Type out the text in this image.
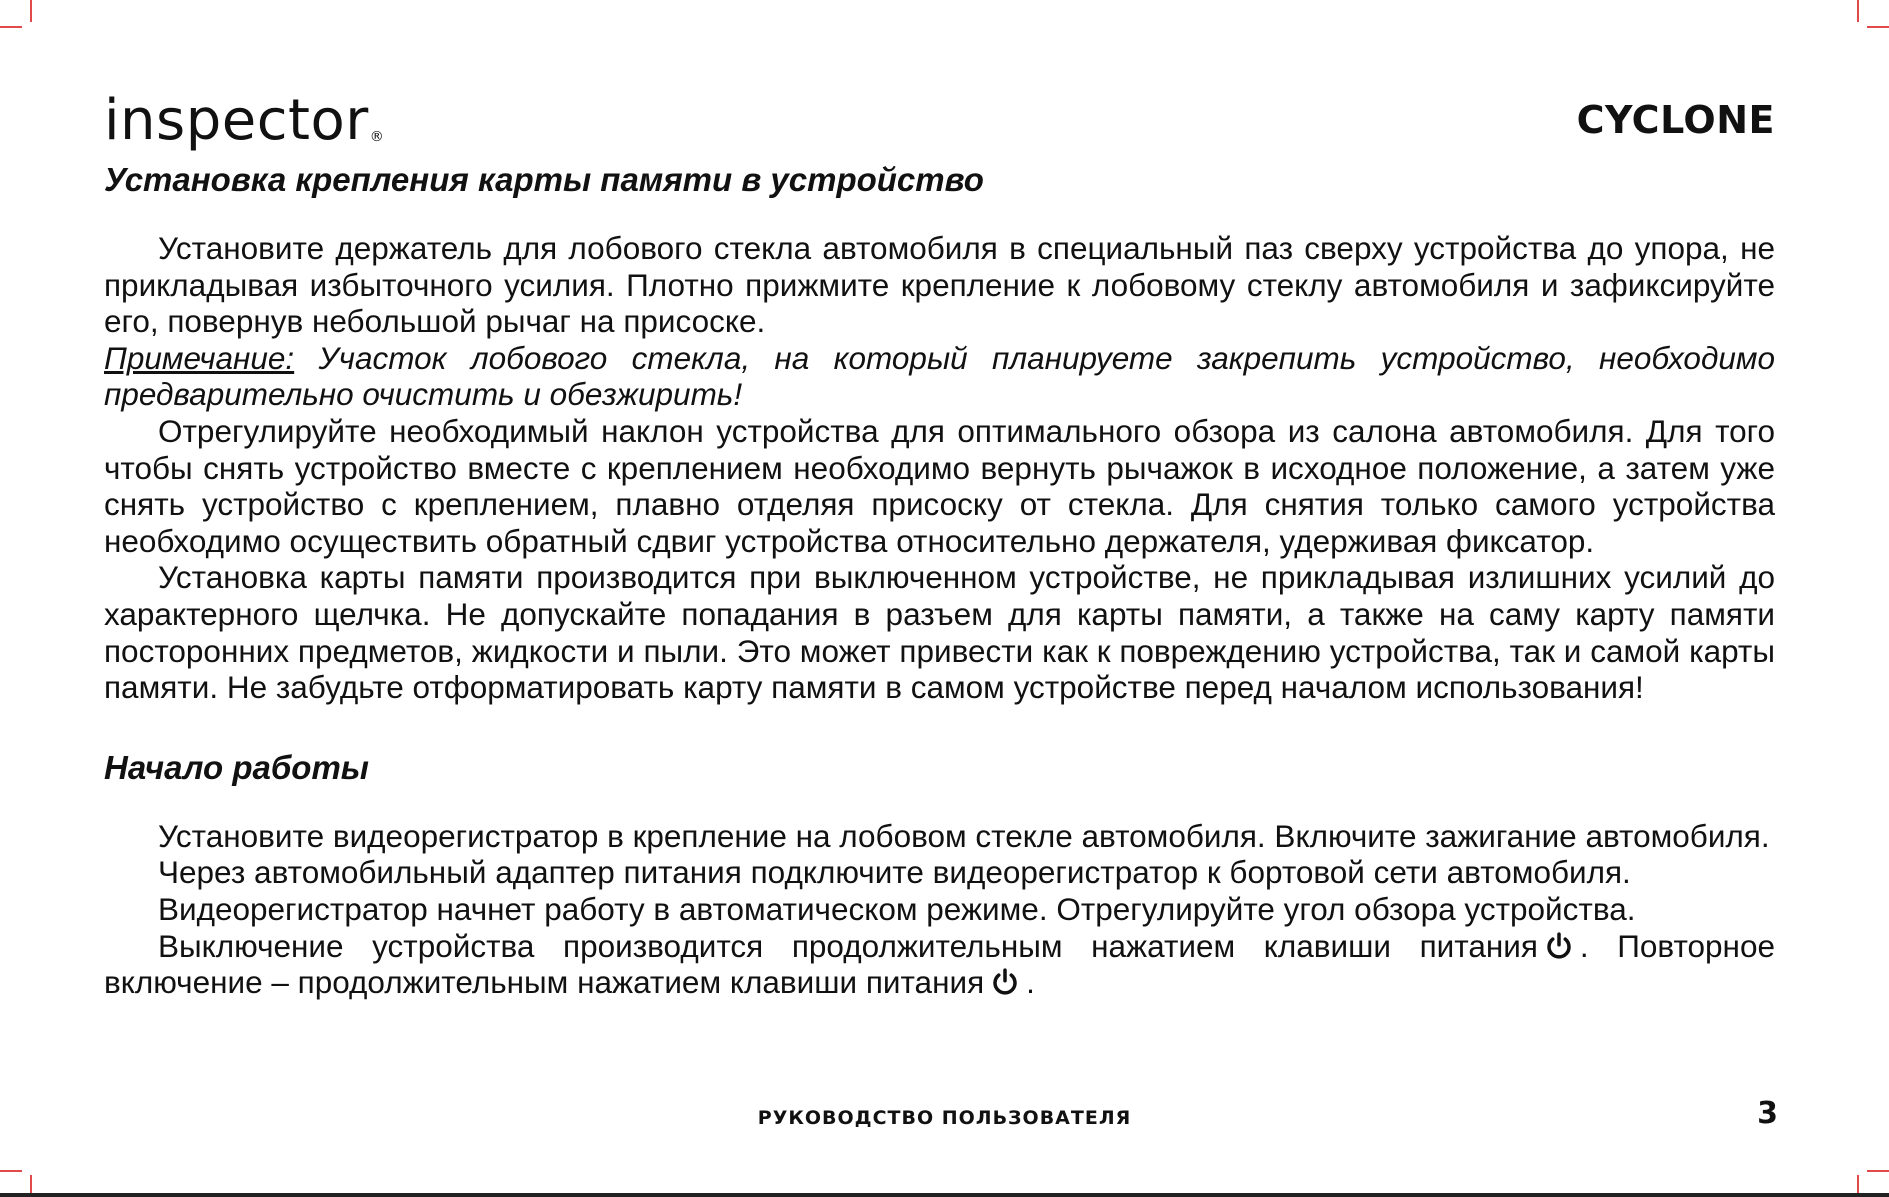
inspector®	CYCLONE
Установка крепления карты памяти в устройство

Установите держатель для лобового стекла автомобиля в специальный паз сверху устройства до упора, не прикладывая избыточного усилия. Плотно прижмите крепление к лобовому стеклу автомобиля и зафиксируйте его, повернув небольшой рычаг на присоске.

Примечание: Участок лобового стекла, на который планируете закрепить устройство, необходимо предварительно очистить и обезжирить!

Отрегулируйте необходимый наклон устройства для оптимального обзора из салона автомобиля. Для того чтобы снять устройство вместе с креплением необходимо вернуть рычажок в исходное положение, а затем уже снять устройство с креплением, плавно отделяя присоску от стекла. Для снятия только самого устройства необходимо осуществить обратный сдвиг устройства относительно держателя, удерживая фиксатор.

Установка карты памяти производится при выключенном устройстве, не прикладывая излишних усилий до характерного щелчка. Не допускайте попадания в разъем для карты памяти, а также на саму карту памяти посторонних предметов, жидкости и пыли. Это может привести как к повреждению устройства, так и самой карты памяти. Не забудьте отформатировать карту памяти в самом устройстве перед началом использования!

Начало работы

Установите видеорегистратор в крепление на лобовом стекле автомобиля. Включите зажигание автомобиля.

Через автомобильный адаптер питания подключите видеорегистратор к бортовой сети автомобиля.

Видеорегистратор начнет работу в автоматическом режиме. Отрегулируйте угол обзора устройства.

Выключение устройства производится продолжительным нажатием клавиши питания . Повторное включение – продолжительным нажатием клавиши питания .

РУКОВОДСТВО ПОЛЬЗОВАТЕЛЯ	3
